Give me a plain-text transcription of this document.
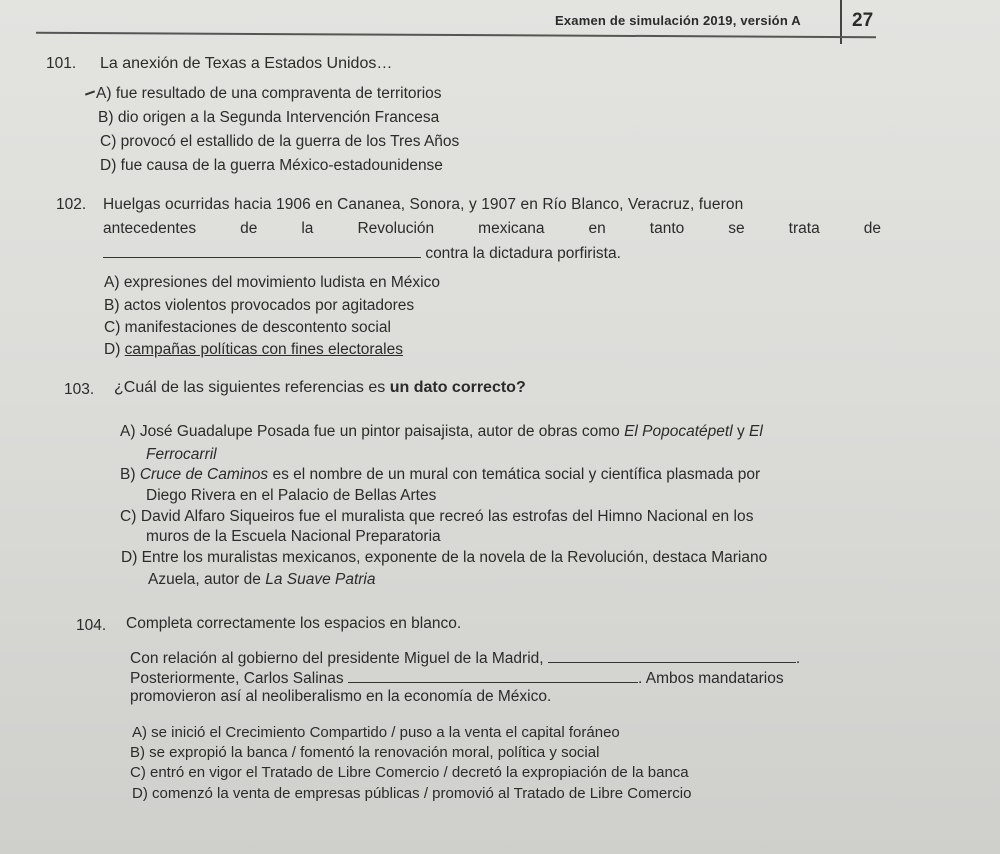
Examen de simulación 2019, versión A	27
101. La anexión de Texas a Estados Unidos…
A) fue resultado de una compraventa de territorios
B) dio origen a la Segunda Intervención Francesa
C) provocó el estallido de la guerra de los Tres Años
D) fue causa de la guerra México-estadounidense
102. Huelgas ocurridas hacia 1906 en Cananea, Sonora, y 1907 en Río Blanco, Veracruz, fueron
antecedentes	de	la	Revolución	mexicana	en	tanto	se	trata	de
contra la dictadura porfirista.
A) expresiones del movimiento ludista en México
B) actos violentos provocados por agitadores
C) manifestaciones de descontento social
D) campañas políticas con fines electorales
103. ¿Cuál de las siguientes referencias es un dato correcto?
A) José Guadalupe Posada fue un pintor paisajista, autor de obras como El Popocatépetl y El
Ferrocarril
B) Cruce de Caminos es el nombre de un mural con temática social y científica plasmada por
Diego Rivera en el Palacio de Bellas Artes
C) David Alfaro Siqueiros fue el muralista que recreó las estrofas del Himno Nacional en los
muros de la Escuela Nacional Preparatoria
D) Entre los muralistas mexicanos, exponente de la novela de la Revolución, destaca Mariano
Azuela, autor de La Suave Patria
104. Completa correctamente los espacios en blanco.
Con relación al gobierno del presidente Miguel de la Madrid,	.
Posteriormente, Carlos Salinas	. Ambos mandatarios
promovieron así al neoliberalismo en la economía de México.
A) se inició el Crecimiento Compartido / puso a la venta el capital foráneo
B) se expropió la banca / fomentó la renovación moral, política y social
C) entró en vigor el Tratado de Libre Comercio / decretó la expropiación de la banca
D) comenzó la venta de empresas públicas / promovió al Tratado de Libre Comercio
